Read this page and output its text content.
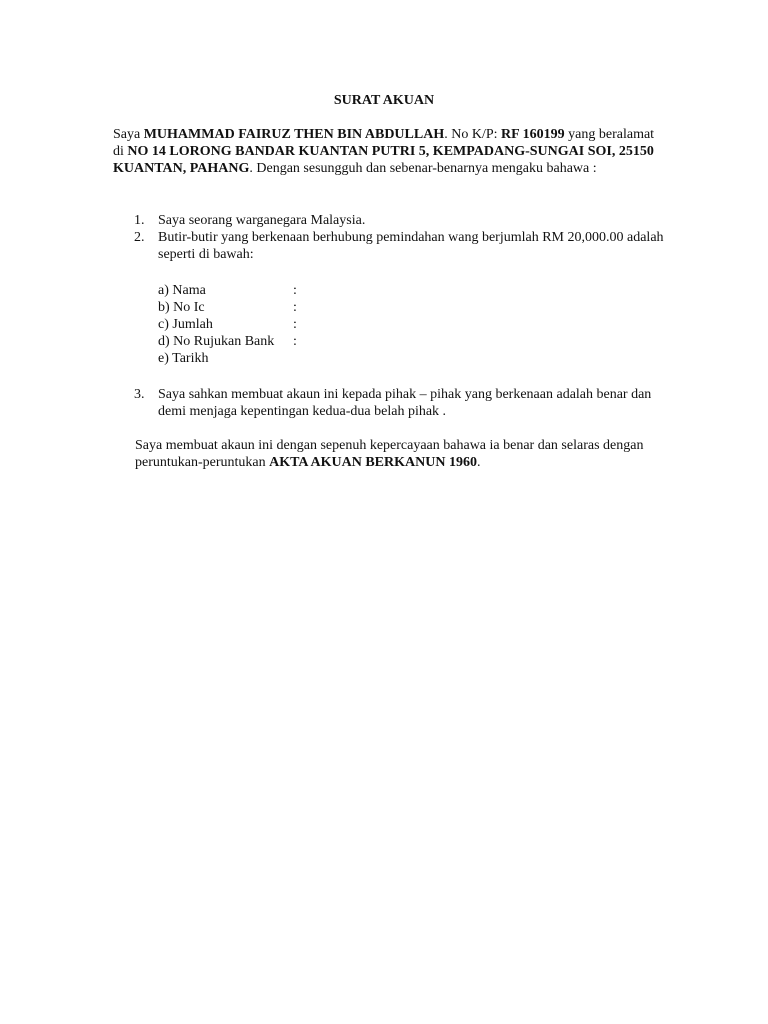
SURAT AKUAN

Saya MUHAMMAD FAIRUZ THEN BIN ABDULLAH. No K/P: RF 160199 yang beralamat di NO 14 LORONG BANDAR KUANTAN PUTRI 5, KEMPADANG-SUNGAI SOI, 25150 KUANTAN, PAHANG. Dengan sesungguh dan sebenar-benarnya mengaku bahawa :

1. Saya seorang warganegara Malaysia.
2. Butir-butir yang berkenaan berhubung pemindahan wang berjumlah RM 20,000.00 adalah seperti di bawah:
a) Nama	:
b) No Ic	:
c) Jumlah	:
d) No Rujukan Bank	:
e) Tarikh
3. Saya sahkan membuat akaun ini kepada pihak – pihak yang berkenaan adalah benar dan demi menjaga kepentingan kedua-dua belah pihak .

Saya membuat akaun ini dengan sepenuh kepercayaan bahawa ia benar dan selaras dengan peruntukan-peruntukan AKTA AKUAN BERKANUN 1960.
